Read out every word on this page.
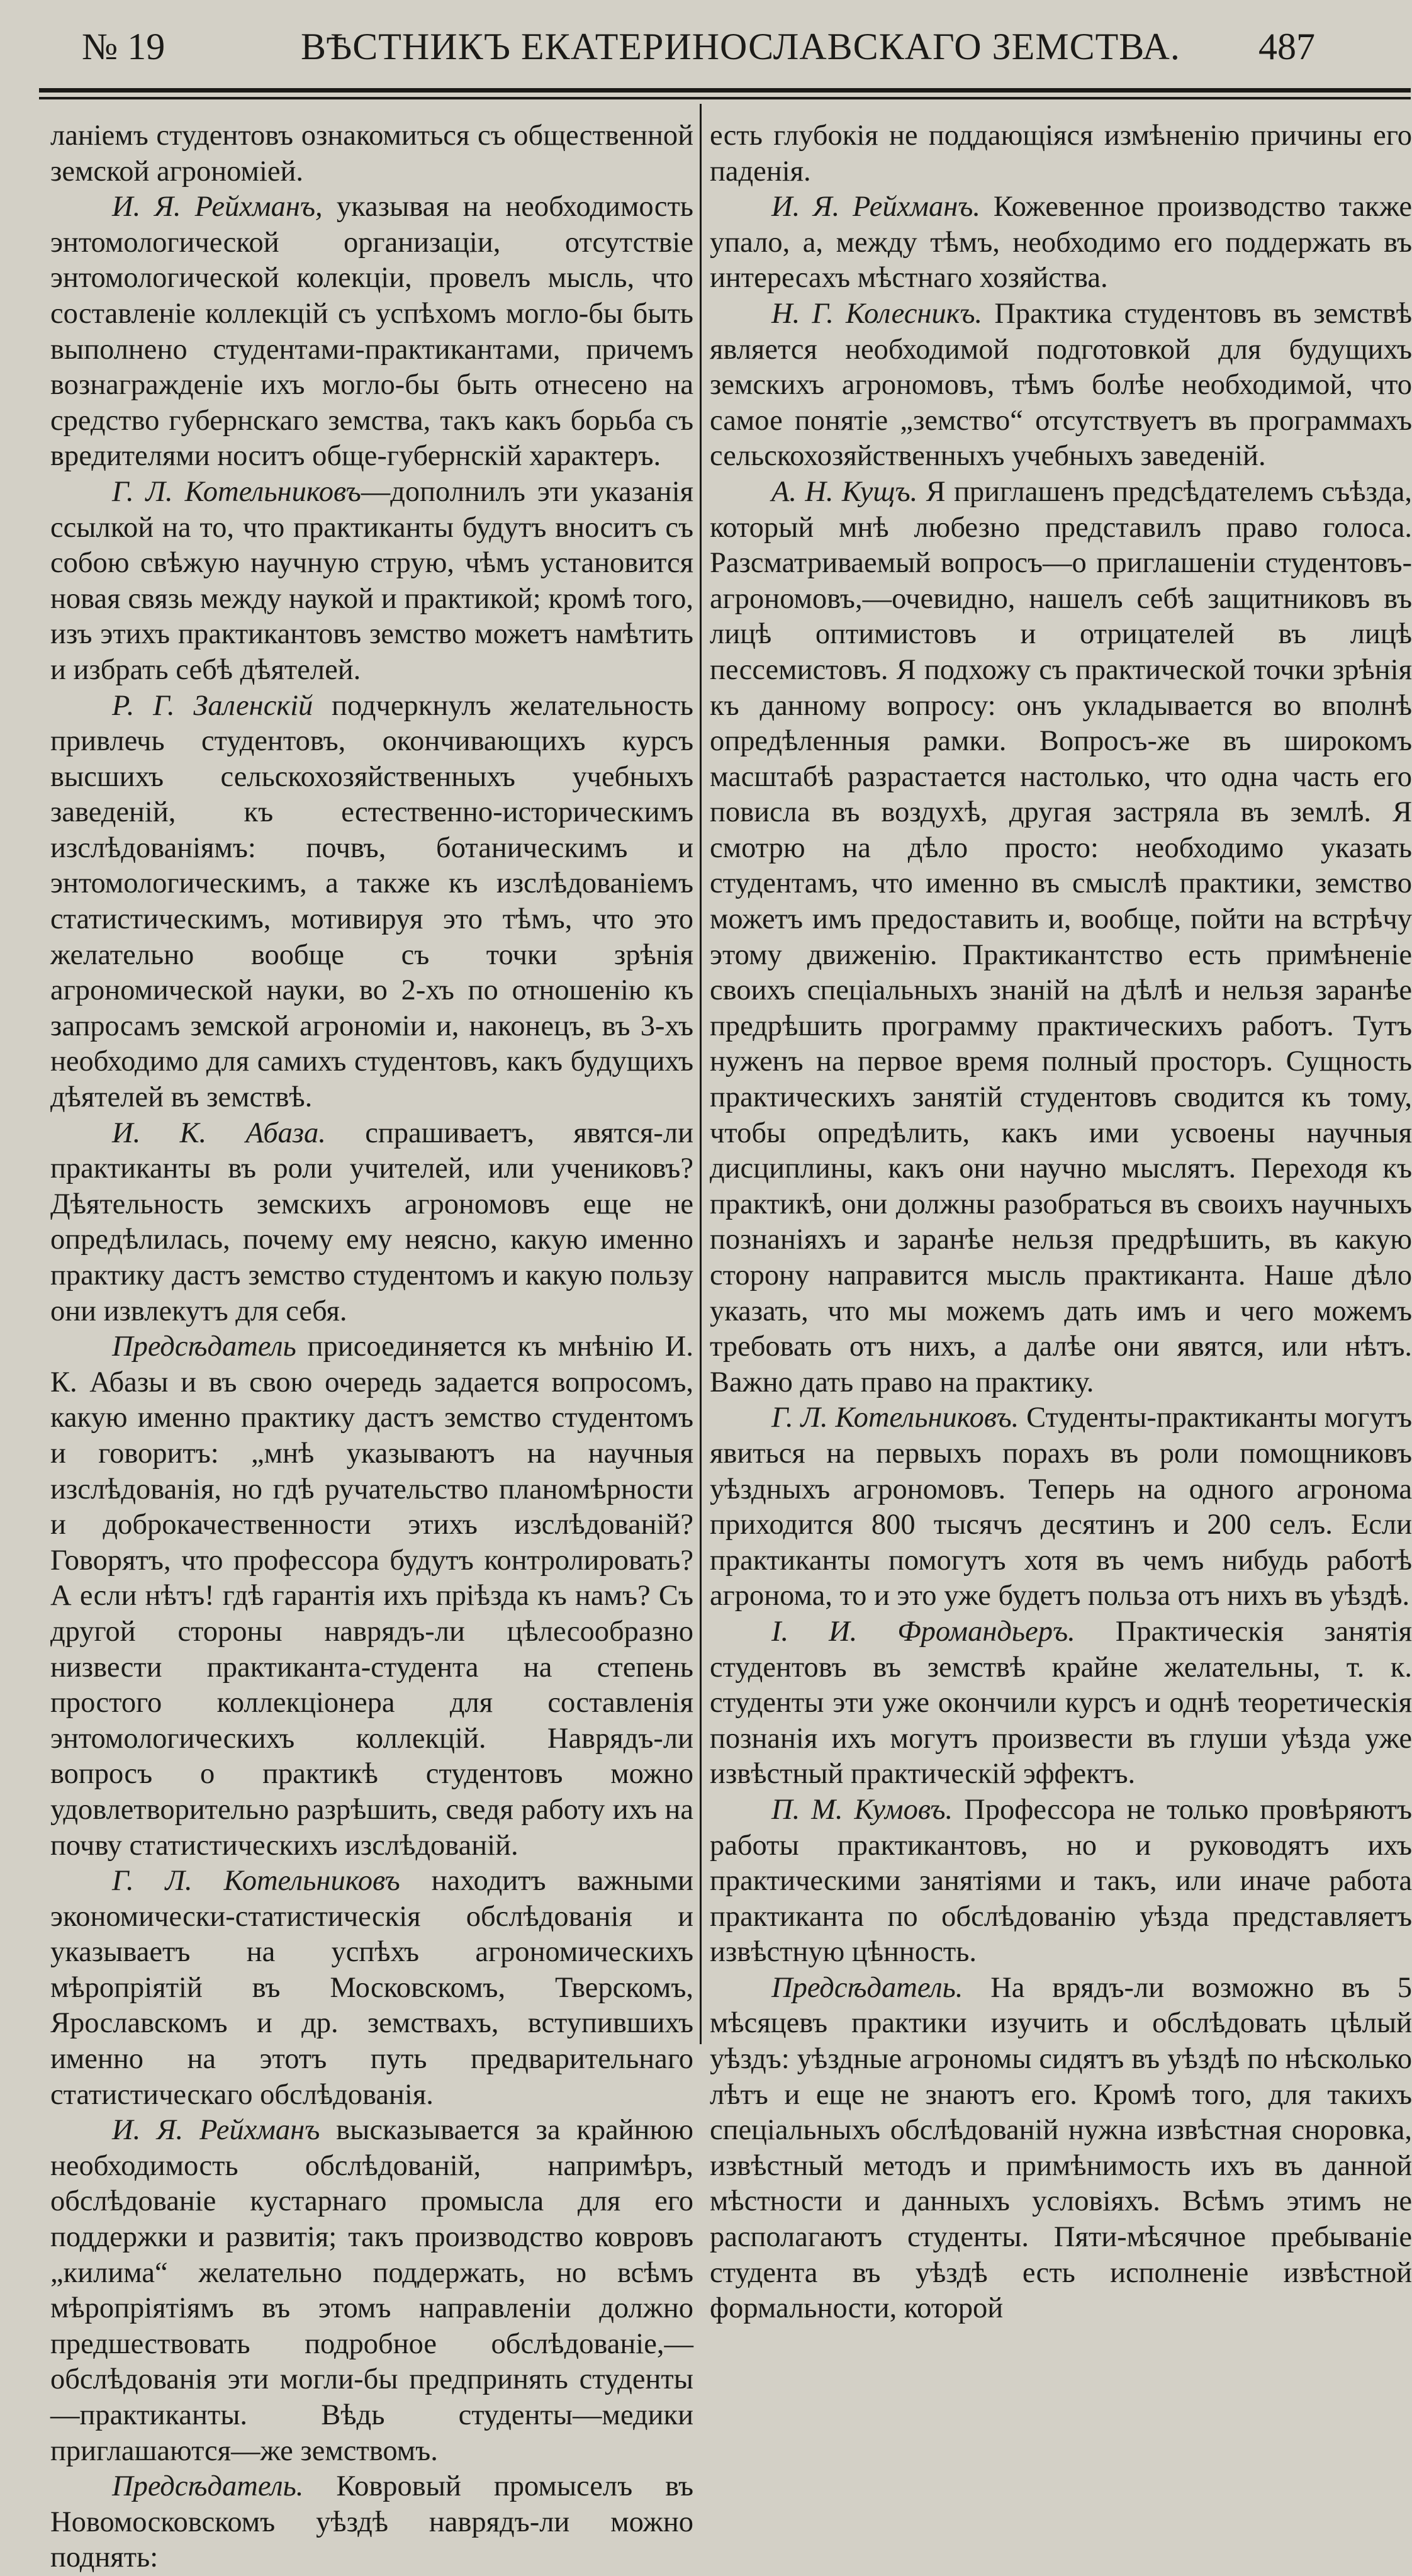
№ 19	ВѢСТНИКЪ ЕКАТЕРИНОСЛАВСКАГО ЗЕМСТВА. 487

ланіемъ студентовъ ознакомиться съ общественной земской агрономіей.

И. Я. Рейхманъ, указывая на необходимость энтомологической организаціи, отсутствіе энтомологической колекціи, провелъ мысль, что составленіе коллекцій съ успѣхомъ могло-бы быть выполнено студентами-практикантами, причемъ вознагражденіе ихъ могло-бы быть отнесено на средство губернскаго земства, такъ какъ борьба съ вредителями носитъ обще-губернскій характеръ.

Г. Л. Котельниковъ—дополнилъ эти указанія ссылкой на то, что практиканты будутъ вноситъ съ собою свѣжую научную струю, чѣмъ установится новая связь между наукой и практикой; кромѣ того, изъ этихъ практикантовъ земство можетъ намѣтить и избрать себѣ дѣятелей.

Р. Г. Заленскій подчеркнулъ желательность привлечь студентовъ, окончивающихъ курсъ высшихъ сельскохозяйственныхъ учебныхъ заведеній, къ естественно-историческимъ изслѣдованіямъ: почвъ, ботаническимъ и энтомологическимъ, а также къ изслѣдованіемъ статистическимъ, мотивируя это тѣмъ, что это желательно вообще съ точки зрѣнія агрономической науки, во 2-хъ по отношенію къ запросамъ земской агрономіи и, наконецъ, въ 3-хъ необходимо для самихъ студентовъ, какъ будущихъ дѣятелей въ земствѣ.

И. К. Абаза. спрашиваетъ, явятся-ли практиканты въ роли учителей, или учениковъ? Дѣятельность земскихъ агрономовъ еще не опредѣлилась, почему ему неясно, какую именно практику дастъ земство студентомъ и какую пользу они извлекутъ для себя.

Предсѣдатель присоединяется къ мнѣнію И. К. Абазы и въ свою очередь задается вопросомъ, какую именно практику дастъ земство студентомъ и говоритъ: „мнѣ указываютъ на научныя изслѣдованія, но гдѣ ручательство планомѣрности и доброкачественности этихъ изслѣдованій? Говорятъ, что профессора будутъ контролировать? А если нѣтъ! гдѣ гарантія ихъ пріѣзда къ намъ? Съ другой стороны наврядъ-ли цѣлесообразно низвести практиканта-студента на степень простого коллекціонера для составленія энтомологическихъ коллекцій. Наврядъ-ли вопросъ о практикѣ студентовъ можно удовлетворительно разрѣшить, сведя работу ихъ на почву статистическихъ изслѣдованій.

Г. Л. Котельниковъ находитъ важными экономически-статистическія обслѣдованія и указываетъ на успѣхъ агрономическихъ мѣропріятій въ Московскомъ, Тверскомъ, Ярославскомъ и др. земствахъ, вступившихъ именно на этотъ путь предварительнаго статистическаго обслѣдованія.

И. Я. Рейхманъ высказывается за крайнюю необходимость обслѣдованій, напримѣръ, обслѣдованіе кустарнаго промысла для его поддержки и развитія; такъ производство ковровъ „килима“ желательно поддержать, но всѣмъ мѣропріятіямъ въ этомъ направленіи должно предшествовать подробное обслѣдованіе,—обслѣдованія эти могли-бы предпринять студенты—практиканты. Вѣдь студенты—медики приглашаются—же земствомъ.

Предсѣдатель. Ковровый промыселъ въ Новомосковскомъ уѣздѣ наврядъ-ли можно поднять:

есть глубокія не поддающіяся измѣненію причины его паденія.

И. Я. Рейхманъ. Кожевенное производство также упало, а, между тѣмъ, необходимо его поддержать въ интересахъ мѣстнаго хозяйства.

Н. Г. Колесникъ. Практика студентовъ въ земствѣ является необходимой подготовкой для будущихъ земскихъ агрономовъ, тѣмъ болѣе необходимой, что самое понятіе „земство“ отсутствуетъ въ программахъ сельскохозяйственныхъ учебныхъ заведеній.

А. Н. Кущъ. Я приглашенъ предсѣдателемъ съѣзда, который мнѣ любезно представилъ право голоса. Разсматриваемый вопросъ—о приглашеніи студентовъ-агрономовъ,—очевидно, нашелъ себѣ защитниковъ въ лицѣ оптимистовъ и отрицателей въ лицѣ пессемистовъ. Я подхожу съ практической точки зрѣнія къ данному вопросу: онъ укладывается во вполнѣ опредѣленныя рамки. Вопросъ-же въ широкомъ масштабѣ разрастается настолько, что одна часть его повисла въ воздухѣ, другая застряла въ землѣ. Я смотрю на дѣло просто: необходимо указать студентамъ, что именно въ смыслѣ практики, земство можетъ имъ предоставить и, вообще, пойти на встрѣчу этому движенію. Практикантство есть примѣненіе своихъ спеціальныхъ знаній на дѣлѣ и нельзя заранѣе предрѣшить программу практическихъ работъ. Тутъ нуженъ на первое время полный просторъ. Сущность практическихъ занятій студентовъ сводится къ тому, чтобы опредѣлить, какъ ими усвоены научныя дисциплины, какъ они научно мыслятъ. Переходя къ практикѣ, они должны разобраться въ своихъ научныхъ познаніяхъ и заранѣе нельзя предрѣшить, въ какую сторону направится мысль практиканта. Наше дѣло указать, что мы можемъ дать имъ и чего можемъ требовать отъ нихъ, а далѣе они явятся, или нѣтъ. Важно дать право на практику.

Г. Л. Котельниковъ. Студенты-практиканты могутъ явиться на первыхъ порахъ въ роли помощниковъ уѣздныхъ агрономовъ. Теперь на одного агронома приходится 800 тысячъ десятинъ и 200 селъ. Если практиканты помогутъ хотя въ чемъ нибудь работѣ агронома, то и это уже будетъ польза отъ нихъ въ уѣздѣ.

І. И. Фромандьеръ. Практическія занятія студентовъ въ земствѣ крайне желательны, т. к. студенты эти уже окончили курсъ и однѣ теоретическія познанія ихъ могутъ произвести въ глуши уѣзда уже извѣстный практическій эффектъ.

П. М. Кумовъ. Профессора не только провѣряютъ работы практикантовъ, но и руководятъ ихъ практическими занятіями и такъ, или иначе работа практиканта по обслѣдованію уѣзда представляетъ извѣстную цѣнность.

Предсѣдатель. На врядъ-ли возможно въ 5 мѣсяцевъ практики изучить и обслѣдовать цѣлый уѣздъ: уѣздные агрономы сидятъ въ уѣздѣ по нѣсколько лѣтъ и еще не знаютъ его. Кромѣ того, для такихъ спеціальныхъ обслѣдованій нужна извѣстная сноровка, извѣстный методъ и примѣнимость ихъ въ данной мѣстности и данныхъ условіяхъ. Всѣмъ этимъ не располагаютъ студенты. Пяти-мѣсячное пребываніе студента въ уѣздѣ есть исполненіе извѣстной формальности, которой
